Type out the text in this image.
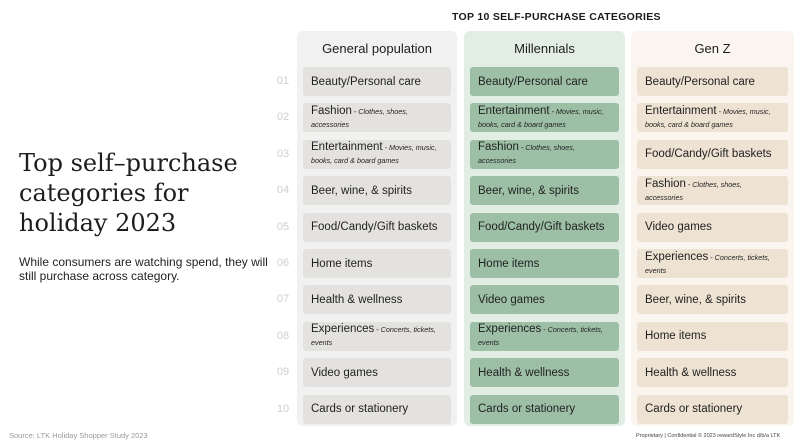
TOP 10 SELF-PURCHASE CATEGORIES
Top self–purchase categories for holiday 2023
While consumers are watching spend, they will still purchase across category.
Source: LTK Holiday Shopper Study 2023	Proprietary | Confidential © 2023 rewardStyle Inc d/b/a LTK
01
02
03
04
05
06
07
08
09
10
General population
Beauty/Personal care
Fashion - Clothes, shoes, accessories
Entertainment - Movies, music, books, card & board games
Beer, wine, & spirits
Food/Candy/Gift baskets
Home items
Health & wellness
Experiences - Concerts, tickets, events
Video games
Cards or stationery
Millennials
Beauty/Personal care
Entertainment - Movies, music, books, card & board games
Fashion - Clothes, shoes, accessories
Beer, wine, & spirits
Food/Candy/Gift baskets
Home items
Video games
Experiences - Concerts, tickets, events
Health & wellness
Cards or stationery
Gen Z
Beauty/Personal care
Entertainment - Movies, music, books, card & board games
Food/Candy/Gift baskets
Fashion - Clothes, shoes, accessories
Video games
Experiences - Concerts, tickets, events
Beer, wine, & spirits
Home items
Health & wellness
Cards or stationery
